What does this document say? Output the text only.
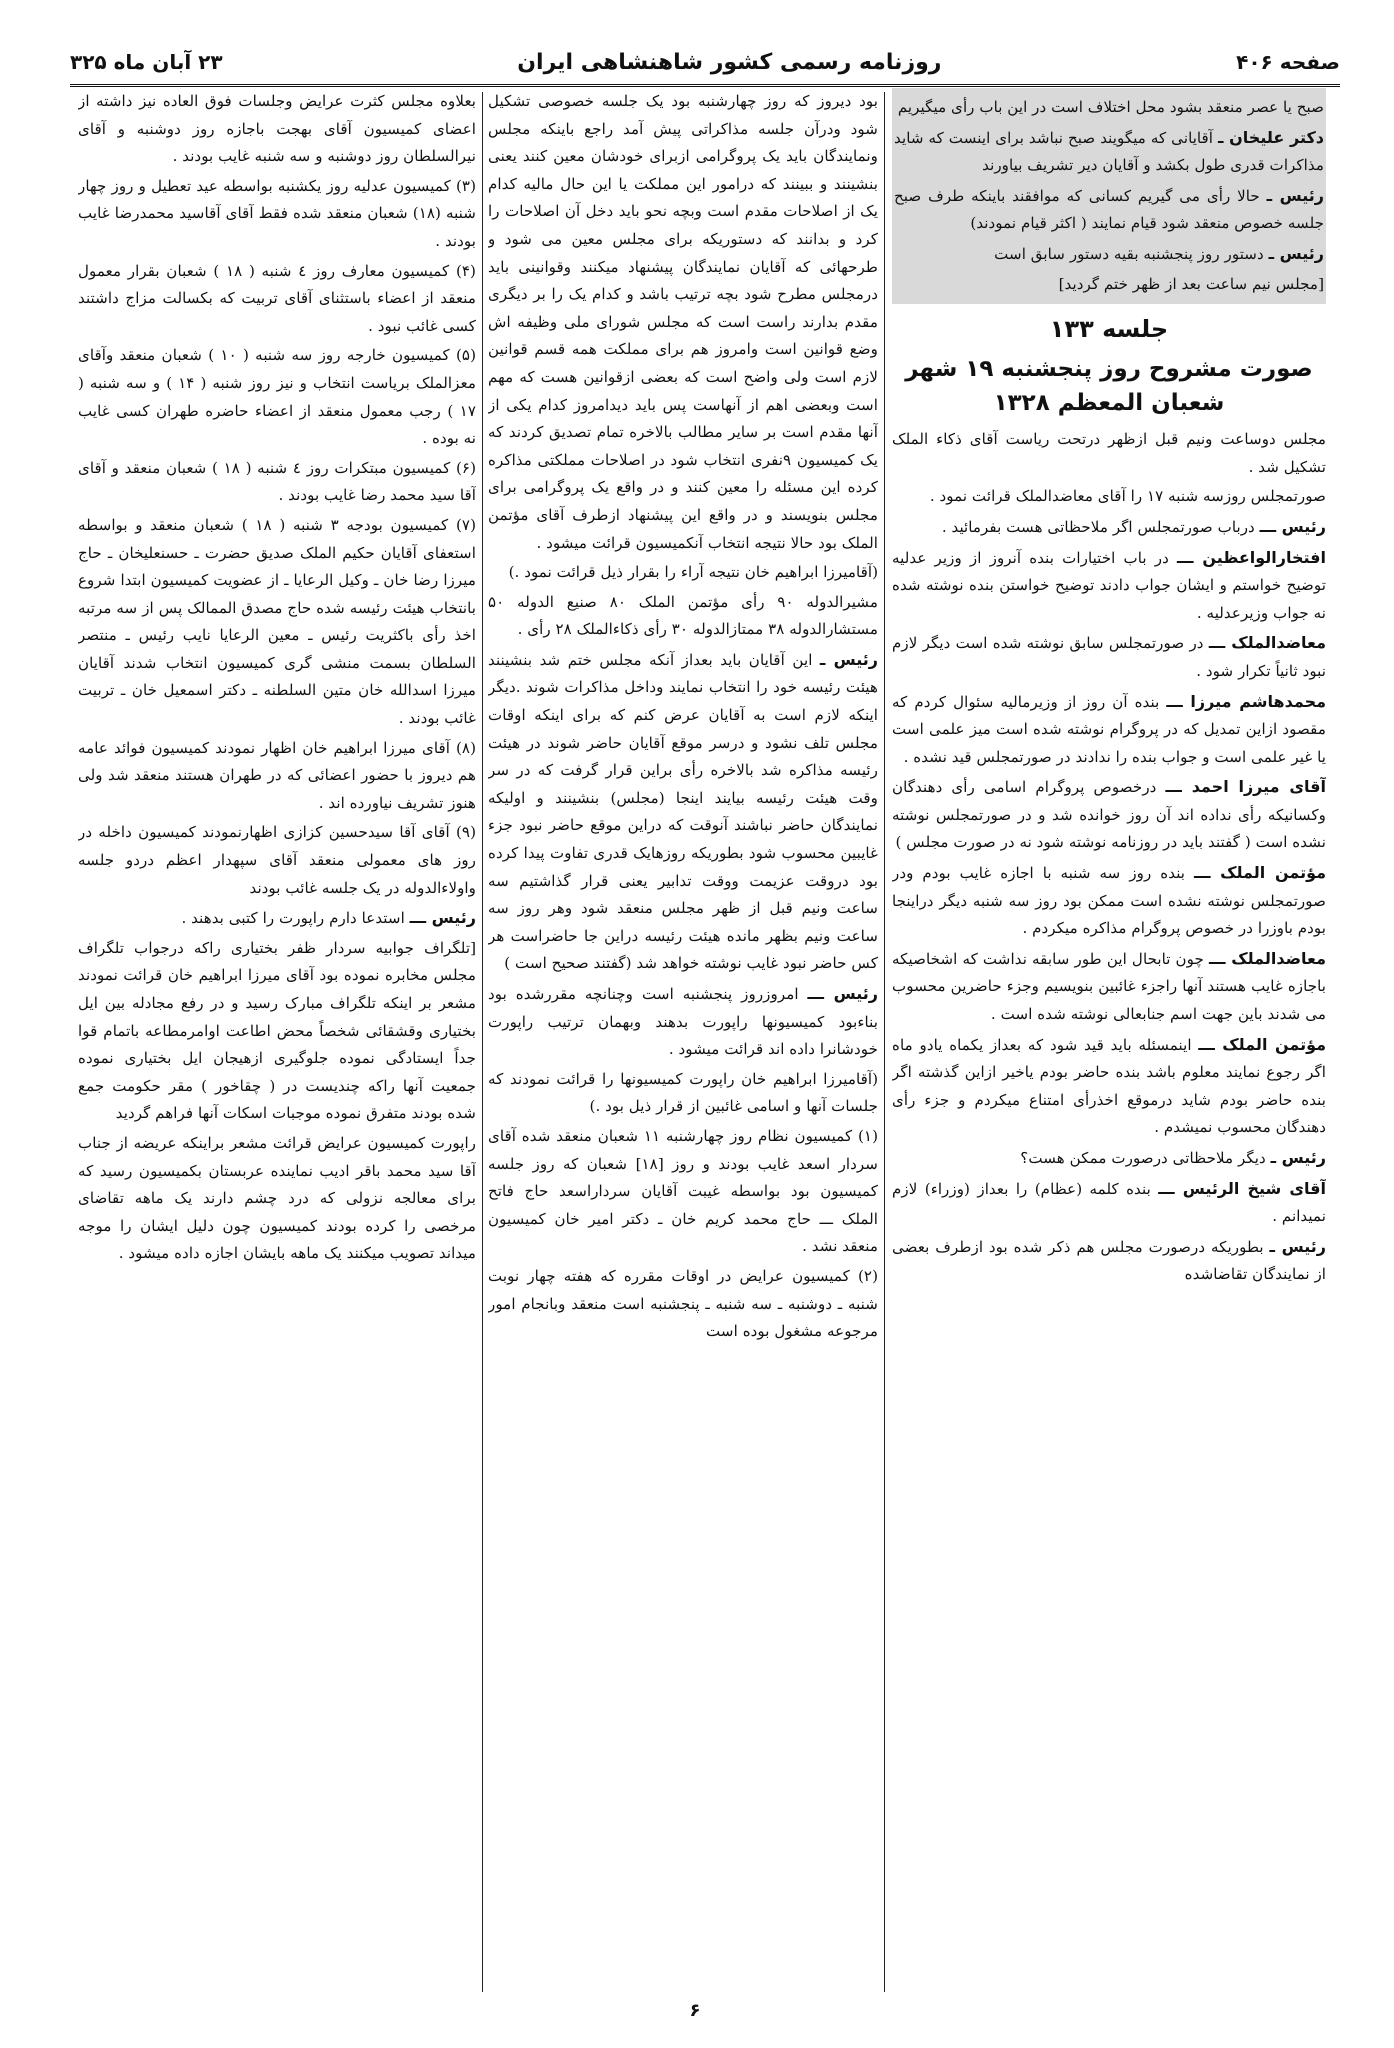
صفحه ۴۰۶
روزنامه رسمی کشور شاهنشاهی ایران
۲۳ آبان ماه ۳۲۵

صبح یا عصر منعقد بشود محل اختلاف است در این باب رأی میگیریم

دکتر علیخان ـ آقایانی که میگویند صبح نباشد برای اینست که شاید مذاکرات قدری طول بکشد و آقایان دیر تشریف بیاورند

رئیس ـ حالا رأی می گیریم کسانی که موافقند باینکه طرف صبح جلسه خصوص منعقد شود قیام نمایند ( اکثر قیام نمودند)

رئیس ـ دستور روز پنجشنبه بقیه دستور سابق است

[مجلس نیم ساعت بعد از ظهر ختم گردید]

جلسه ۱۳۳
صورت مشروح روز پنجشنبه ۱۹ شهر شعبان المعظم ۱۳۲۸

مجلس دوساعت ونیم قبل ازظهر درتحت ریاست آقای ذکاء الملک تشکیل شد .

صورتمجلس روزسه شنبه ۱۷ را آقای معاضدالملک قرائت نمود .

رئیس ـــ درباب صورتمجلس اگر ملاحظاتی هست بفرمائید .

افتخارالواعظین ـــ در باب اختیارات بنده آنروز از وزیر عدلیه توضیح خواستم و ایشان جواب دادند توضیح خواستن بنده نوشته شده نه جواب وزیرعدلیه .

معاضدالملک ـــ در صورتمجلس سابق نوشته شده است دیگر لازم نبود ثانیاً تکرار شود .

محمدهاشم میرزا ـــ بنده آن روز از وزیرمالیه سئوال کردم که مقصود ازاین تمدیل که در پروگرام نوشته شده است میز علمی است یا غیر علمی است و جواب بنده را ندادند در صورتمجلس قید نشده .

آقای میرزا احمد ـــ درخصوص پروگرام اسامی رأی دهندگان وکسانیکه رأی نداده اند آن روز خوانده شد و در صورتمجلس نوشته نشده است ( گفتند باید در روزنامه نوشته شود نه در صورت مجلس )

مؤتمن الملک ـــ بنده روز سه شنبه با اجازه غایب بودم ودر صورتمجلس نوشته نشده است ممکن بود روز سه شنبه دیگر دراینجا بودم باوزرا در خصوص پروگرام مذاکره میکردم .

معاضدالملک ـــ چون تابحال این طور سابقه نداشت که اشخاصیکه باجازه غایب هستند آنها راجزء غائبین بنویسیم وجزء حاضرین محسوب می شدند باین جهت اسم جنابعالی نوشته شده است .

مؤتمن الملک ـــ اینمسئله باید قید شود که بعداز یکماه یادو ماه اگر رجوع نمایند معلوم باشد بنده حاضر بودم یاخیر ازاین گذشته اگر بنده حاضر بودم شاید درموقع اخذرأی امتناع میکردم و جزء رأی دهندگان محسوب نمیشدم .

رئیس ـ دیگر ملاحظاتی درصورت ممکن هست؟

آقای شیخ الرئیس ـــ بنده کلمه (عظام) را بعداز (وزراء) لازم نمیدانم .

رئیس ـ بطوریکه درصورت مجلس هم ذکر شده بود ازطرف بعضی از نمایندگان تقاضاشده

بود دیروز که روز چهارشنبه بود یک جلسه خصوصی تشکیل شود ودرآن جلسه مذاکراتی پیش آمد راجع باینکه مجلس ونمایندگان باید یک پروگرامی ازبرای خودشان معین کنند یعنی بنشینند و ببینند که درامور این مملکت یا این حال مالیه کدام یک از اصلاحات مقدم است وبچه نحو باید دخل آن اصلاحات را کرد و بدانند که دستوریکه برای مجلس معین می شود و طرحهائی که آقایان نمایندگان پیشنهاد میکنند وقوانینی باید درمجلس مطرح شود بچه ترتیب باشد و کدام یک را بر دیگری مقدم بدارند راست است که مجلس شورای ملی وظیفه اش وضع قوانین است وامروز هم برای مملکت همه قسم قوانین لازم است ولی واضح است که بعضی ازقوانین هست که مهم است وبعضی اهم از آنهاست پس باید دیدامروز کدام یکی از آنها مقدم است بر سایر مطالب بالاخره تمام تصدیق کردند که یک کمیسیون ۹نفری انتخاب شود در اصلاحات مملکتی مذاکره کرده این مسئله را معین کنند و در واقع یک پروگرامی برای مجلس بنویسند و در واقع این پیشنهاد ازطرف آقای مؤتمن الملک بود حالا نتیجه انتخاب آنکمیسیون قرائت میشود .

(آقامیرزا ابراهیم خان نتیجه آراء را بقرار ذیل قرائت نمود .)

مشیرالدوله ۹۰ رأی مؤتمن الملک ۸۰ صنیع الدوله ۵۰ مستشارالدوله ۳۸ ممتازالدوله ۳۰ رأی ذکاءالملک ۲۸ رأی .

رئیس ـ این آقایان باید بعداز آنکه مجلس ختم شد بنشینند هیئت رئیسه خود را انتخاب نمایند وداخل مذاکرات شوند .دیگر اینکه لازم است به آقایان عرض کنم که برای اینکه اوقات مجلس تلف نشود و درسر موقع آقایان حاضر شوند در هیئت رئیسه مذاکره شد بالاخره رأی براین قرار گرفت که در سر وقت هیئت رئیسه بیایند اینجا (مجلس) بنشینند و اولیکه نمایندگان حاضر نباشند آنوقت که دراین موقع حاضر نبود جزء غایبین محسوب شود بطوریکه روزهایک قدری تفاوت پیدا کرده بود دروقت عزیمت ووقت تدابیر یعنی قرار گذاشتیم سه ساعت ونیم قبل از ظهر مجلس منعقد شود وهر روز سه ساعت ونیم بظهر مانده هیئت رئیسه دراین جا حاضراست هر کس حاضر نبود غایب نوشته خواهد شد (گفتند صحیح است )

رئیس ـــ امروزروز پنجشنبه است وچنانچه مقررشده بود بناءبود کمیسیونها راپورت بدهند وبهمان ترتیب راپورت خودشانرا داده اند قرائت میشود .

(آقامیرزا ابراهیم خان راپورت کمیسیونها را قرائت نمودند که جلسات آنها و اسامی غائبین از قرار ذیل بود .)

(۱) کمیسیون نظام روز چهارشنبه ۱۱ شعبان منعقد شده آقای سردار اسعد غایب بودند و روز [۱۸] شعبان که روز جلسه کمیسیون بود بواسطه غیبت آقایان سرداراسعد حاج فاتح الملک ـــ حاج محمد کریم خان ـ دکتر امیر خان کمیسیون منعقد نشد .

(۲) کمیسیون عرایض در اوقات مقرره که هفته چهار نوبت شنبه ـ دوشنبه ـ سه شنبه ـ پنجشنبه است منعقد وبانجام امور مرجوعه مشغول بوده است

بعلاوه مجلس کثرت عرایض وجلسات فوق العاده نیز داشته از اعضای کمیسیون آقای بهجت باجازه روز دوشنبه و آقای نیرالسلطان روز دوشنبه و سه شنبه غایب بودند .

(۳) کمیسیون عدلیه روز یکشنبه بواسطه عید تعطیل و روز چهار شنبه (۱۸) شعبان منعقد شده فقط آقای آقاسید محمدرضا غایب بودند .

(۴) کمیسیون معارف روز ٤ شنبه ( ۱۸ ) شعبان بقرار معمول منعقد از اعضاء باستثنای آقای تربیت که بکسالت مزاج داشتند کسی غائب نبود .

(۵) کمیسیون خارجه روز سه شنبه ( ۱۰ ) شعبان منعقد وآقای معزالملک بریاست انتخاب و نیز روز شنبه ( ۱۴ ) و سه شنبه ( ۱۷ ) رجب معمول منعقد از اعضاء حاضره طهران کسی غایب نه بوده .

(۶) کمیسیون مبتکرات روز ٤ شنبه ( ۱۸ ) شعبان منعقد و آقای آقا سید محمد رضا غایب بودند .

(۷) کمیسیون بودجه ۳ شنبه ( ۱۸ ) شعبان منعقد و بواسطه استعفای آقایان حکیم الملک صدیق حضرت ـ حسنعلیخان ـ حاج میرزا رضا خان ـ وکیل الرعایا ـ از عضویت کمیسیون ابتدا شروع بانتخاب هیئت رئیسه شده حاج مصدق الممالک پس از سه مرتبه اخذ رأی باکثریت رئیس ـ معین الرعایا نایب رئیس ـ منتصر السلطان بسمت منشی گری کمیسیون انتخاب شدند آقایان میرزا اسدالله خان متین السلطنه ـ دکتر اسمعیل خان ـ تربیت غائب بودند .

(۸) آقای میرزا ابراهیم خان اظهار نمودند کمیسیون فوائد عامه هم دیروز با حضور اعضائی که در طهران هستند منعقد شد ولی هنوز تشریف نیاورده اند .

(۹) آقای آقا سیدحسین کزازی اظهارنمودند کمیسیون داخله در روز های معمولی منعقد آقای سپهدار اعظم دردو جلسه واولاءالدوله در یک جلسه غائب بودند

رئیس ـــ استدعا دارم راپورت را کتبی بدهند .

[تلگراف جوابیه سردار ظفر بختیاری راکه درجواب تلگراف مجلس مخابره نموده بود آقای میرزا ابراهیم خان قرائت نمودند مشعر بر اینکه تلگراف مبارک رسید و در رفع مجادله بین ایل بختیاری وقشقائی شخصاً محض اطاعت اوامرمطاعه باتمام قوا جداً ایستادگی نموده جلوگیری ازهیجان ایل بختیاری نموده جمعیت آنها راکه چندیست در ( چقاخور ) مقر حکومت جمع شده بودند متفرق نموده موجبات اسکات آنها فراهم گردید

راپورت کمیسیون عرایض قرائت مشعر براینکه عریضه از جناب آقا سید محمد باقر ادیب نماینده عربستان بکمیسیون رسید که برای معالجه نزولی که درد چشم دارند یک ماهه تقاضای مرخصی را کرده بودند کمیسیون چون دلیل ایشان را موجه میداند تصویب میکنند یک ماهه بایشان اجازه داده میشود .

۶
